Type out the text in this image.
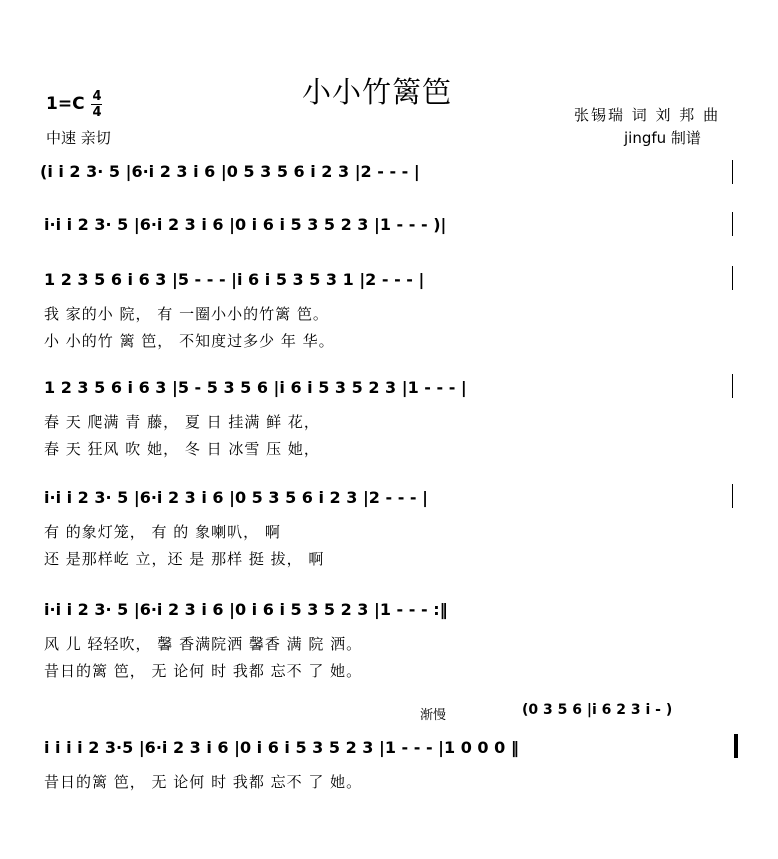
小小竹篱笆
1=C 4
4
中速 亲切
张锡瑞 词 刘 邦 曲
jingfu 制谱
(i i 2 3· 5 |6·i 2 3 i 6 |0 5 3 5 6 i 2 3 |2 - - - |
i·i i 2 3· 5 |6·i 2 3 i 6 |0 i 6 i 5 3 5 2 3 |1 - - - )|
1 2 3 5 6 i 6 3 |5 - - - |i 6 i 5 3 5 3 1 |2 - - - |
我 家的小 院， 有 一圈小小的竹篱 笆。
小 小的竹 篱 笆， 不知度过多少 年 华。
1 2 3 5 6 i 6 3 |5 - 5 3 5 6 |i 6 i 5 3 5 2 3 |1 - - - |
春 天 爬满 青 藤， 夏 日 挂满 鲜 花，
春 天 狂风 吹 她， 冬 日 冰雪 压 她，
i·i i 2 3· 5 |6·i 2 3 i 6 |0 5 3 5 6 i 2 3 |2 - - - |
有 的象灯笼， 有 的 象喇叭， 啊
还 是那样屹 立，还 是 那样 挺 拔， 啊
i·i i 2 3· 5 |6·i 2 3 i 6 |0 i 6 i 5 3 5 2 3 |1 - - - :‖
风 儿 轻轻吹， 馨 香满院洒 馨香 满 院 洒。
昔日的篱 笆， 无 论何 时 我都 忘不 了 她。
渐慢	(0 3 5 6 |i 6 2 3 i - )
i i i i 2 3·5 |6·i 2 3 i 6 |0 i 6 i 5 3 5 2 3 |1 - - - |1 0 0 0 ‖
昔日的篱 笆， 无 论何 时 我都 忘不 了 她。
